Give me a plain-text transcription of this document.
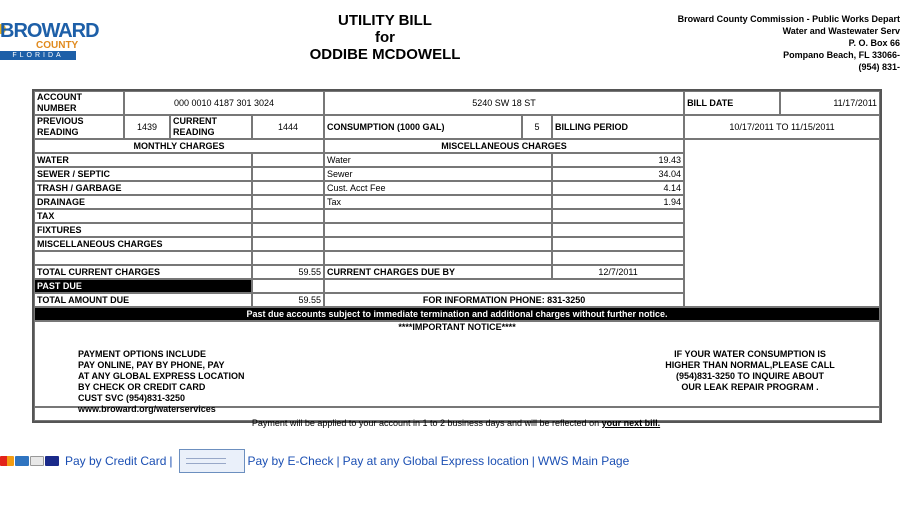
BROWARD
COUNTY
FLORIDA
UTILITY BILL
for
ODDIBE MCDOWELL
Broward County Commission - Public Works Depart
Water and Wastewater Serv
P. O. Box 66
Pompano Beach, FL 33066-
(954) 831-
ACCOUNT NUMBER	000 0010 4187 301 3024			5240 SW 18 ST			BILL DATE	11/17/2011
PREVIOUS READING	1439	CURRENT READING	1444	CONSUMPTION (1000 GAL)	5	BILLING PERIOD	10/17/2011 TO 11/15/2011	
MONTHLY CHARGES				MISCELLANEOUS CHARGES				
WATER				Water		19.43		
SEWER / SEPTIC				Sewer		34.04		
TRASH / GARBAGE				Cust. Acct Fee		4.14		
DRAINAGE				Tax		1.94		
TAX								
FIXTURES								
MISCELLANEOUS CHARGES								

TOTAL CURRENT CHARGES			59.55	CURRENT CHARGES DUE BY		12/7/2011		
PAST DUE								
TOTAL AMOUNT DUE			59.55	FOR INFORMATION PHONE: 831-3250				
Past due accounts subject to immediate termination and additional charges without further notice.								

****IMPORTANT NOTICE****								

PAYMENT OPTIONS INCLUDE
PAY ONLINE, PAY BY PHONE, PAY
AT ANY GLOBAL EXPRESS LOCATION
BY CHECK OR CREDIT CARD
CUST SVC (954)831-3250
www.broward.org/waterservices
IF YOUR WATER CONSUMPTION IS
HIGHER THAN NORMAL,PLEASE CALL
(954)831-3250 TO INQUIRE ABOUT
OUR LEAK REPAIR PROGRAM .
Payment will be applied to your account in 1 to 2 business days and will be reflected on your next bill.
Pay by Credit Card |	Pay by E-Check | Pay at any Global Express location | WWS Main Page
